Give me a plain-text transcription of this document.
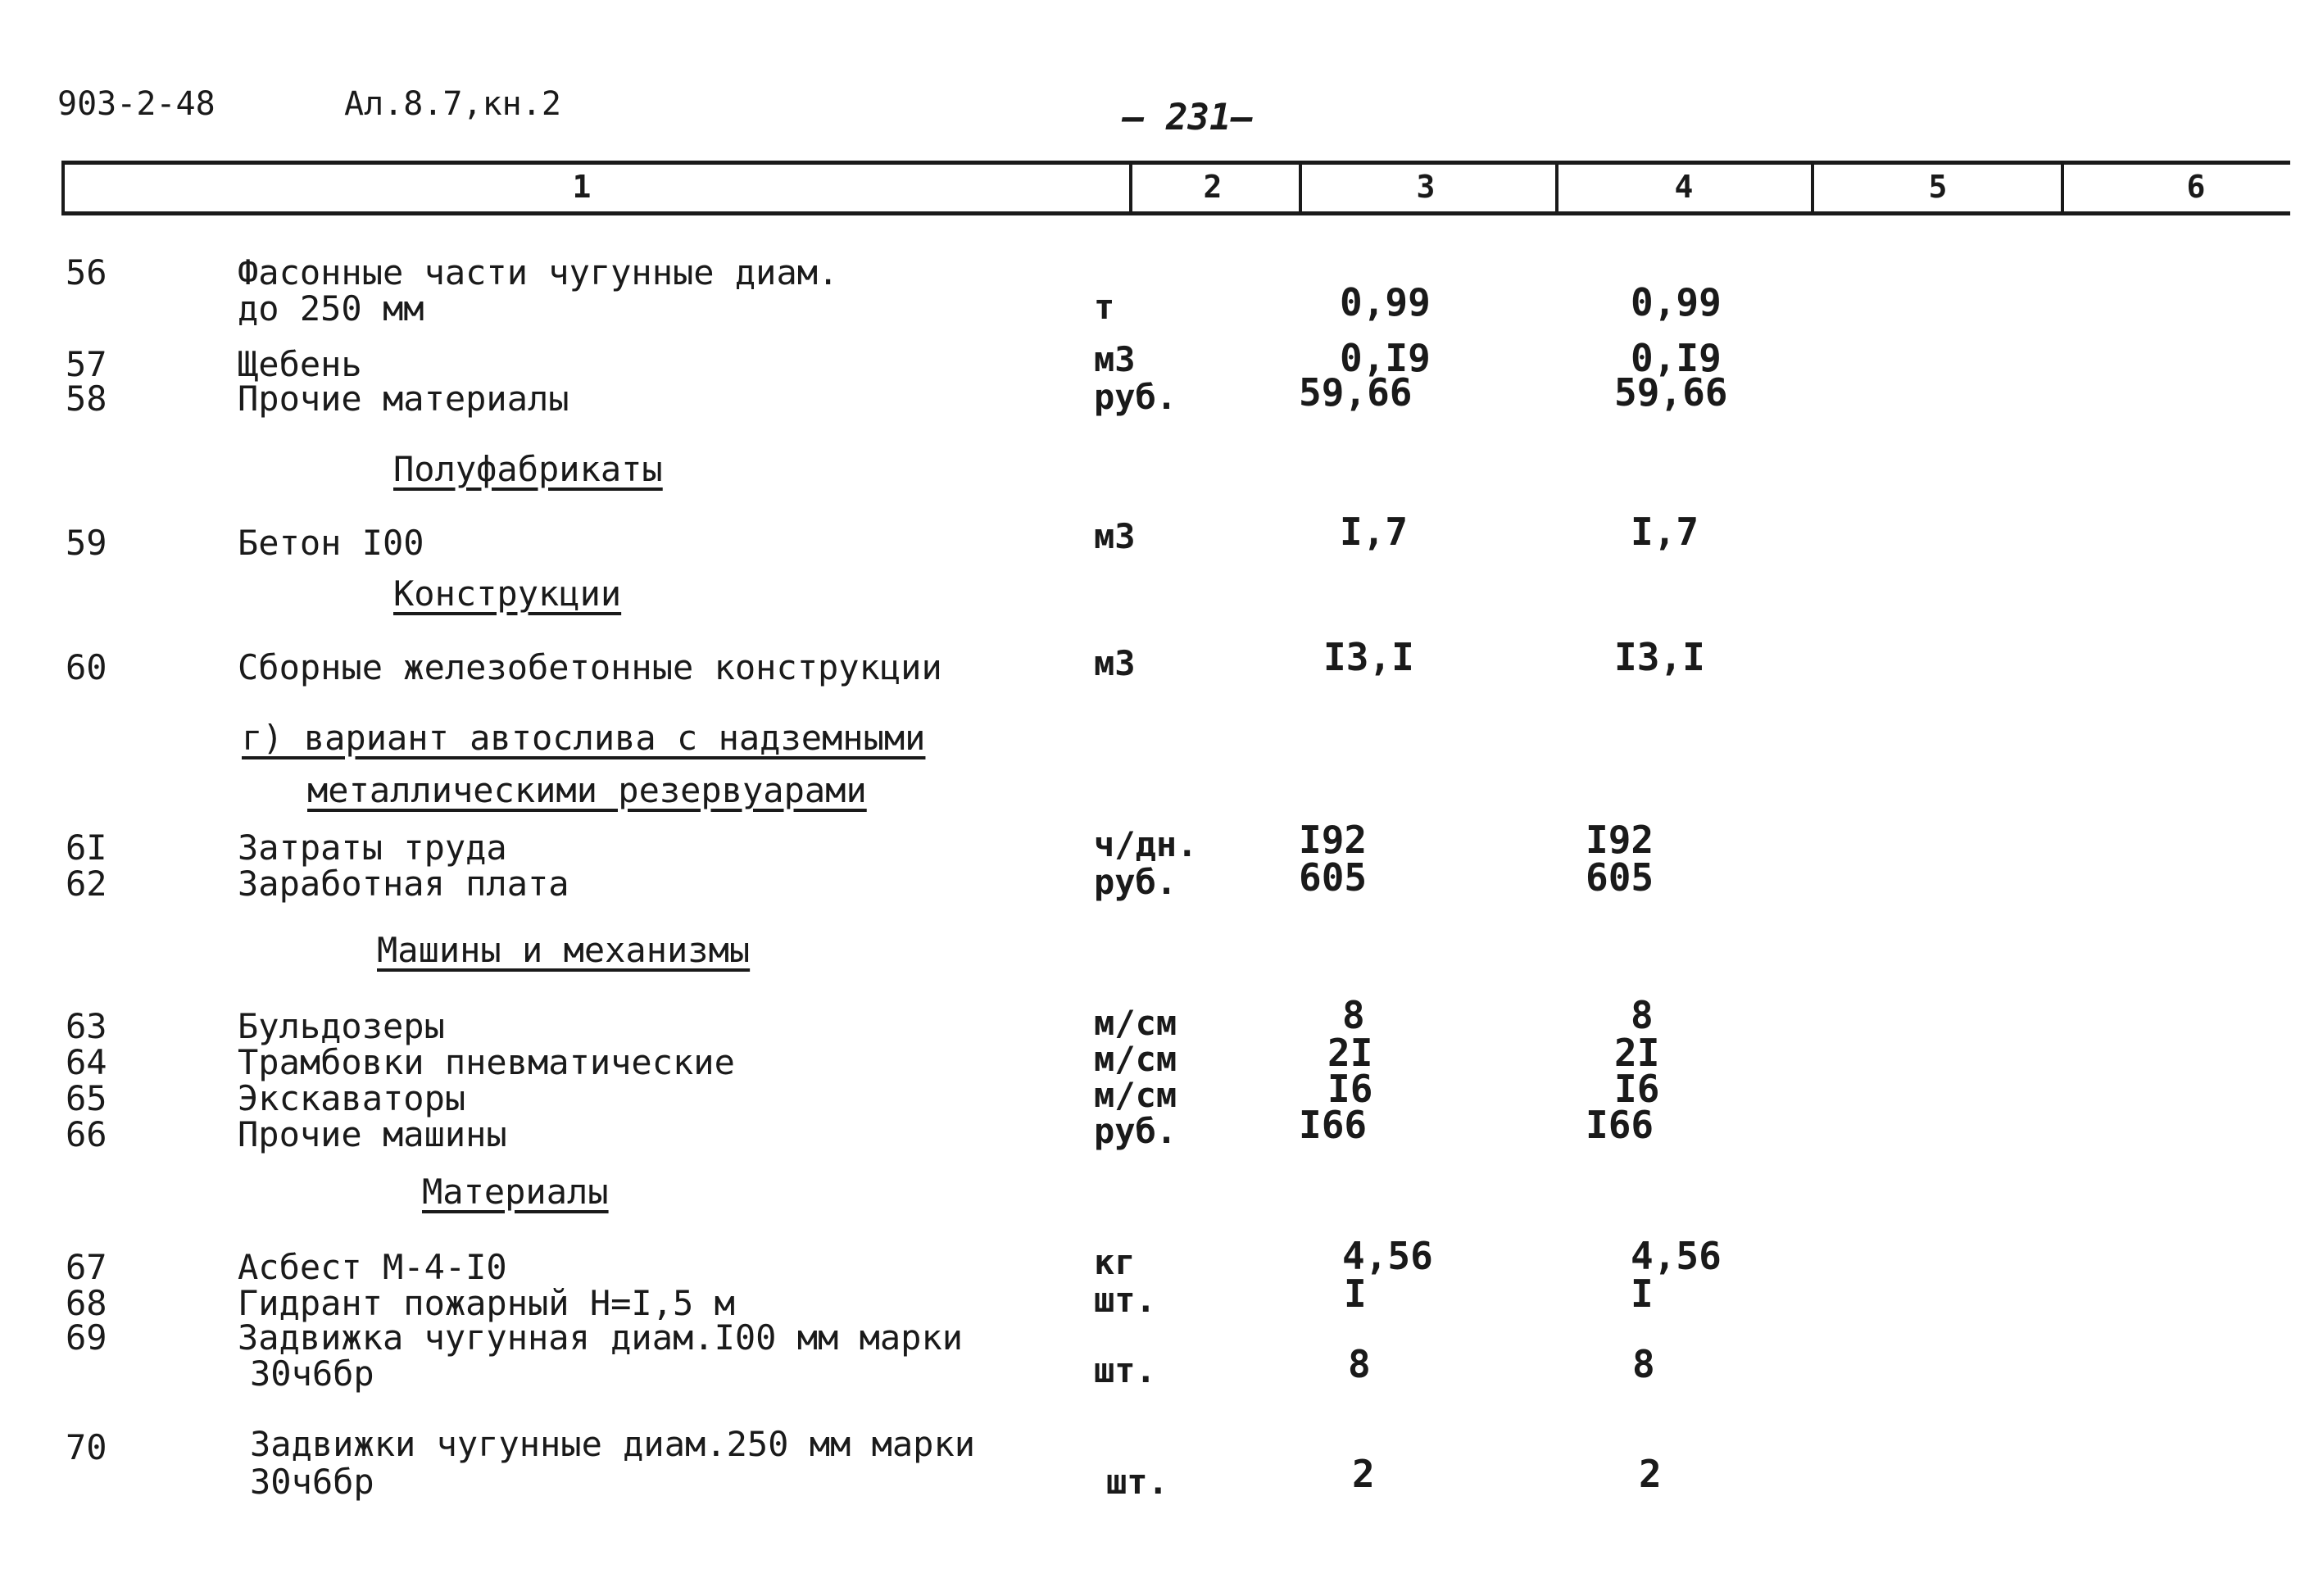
903-2-48	Ал.8.7,кн.2	— 231—
1	2	3	4	5	6
56	Фасонные части чугунные диам.
до 250 мм	т	0,99	0,99
57	Щебень	м3	0,I9	0,I9
58	Прочие материалы	руб.	59,66	59,66
Полуфабрикаты
59	Бетон I00	м3	I,7	I,7
Конструкции
60	Сборные железобетонные конструкции	м3	I3,I	I3,I
г) вариант автослива с надземными
металлическими резервуарами
6I	Затраты труда	ч/дн.	I92	I92
62	Заработная плата	руб.	605	605
Машины и механизмы
63	Бульдозеры	м/см	8	8
64	Трамбовки пневматические	м/см	2I	2I
65	Экскаваторы	м/см	I6	I6
66	Прочие машины	руб.	I66	I66
Материалы
67	Асбест М-4-I0	кг	4,56	4,56
68	Гидрант пожарный Н=I,5 м	шт.	I	I
69	Задвижка чугунная диам.I00 мм марки
30ч6бр	шт.	8	8
70	Задвижки чугунные диам.250 мм марки
30ч6бр	шт.	2	2
